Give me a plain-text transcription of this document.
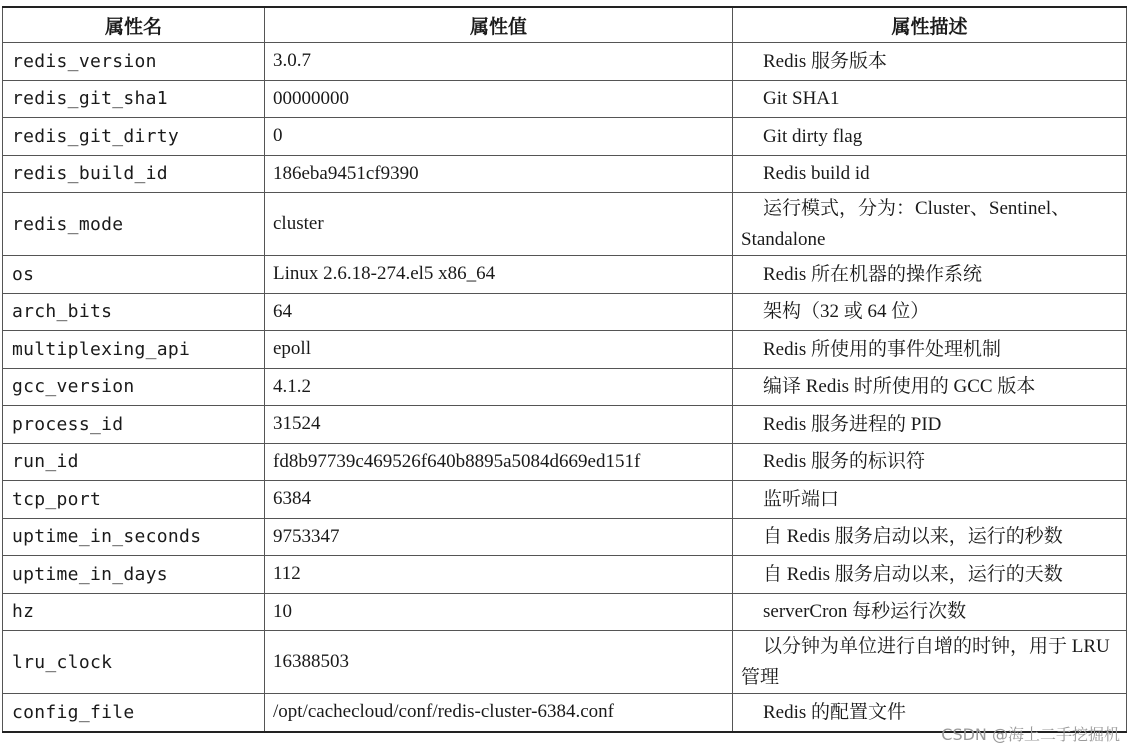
属性名	属性值	属性描述
redis_version	3.0.7	Redis 服务版本
redis_git_sha1	00000000	Git SHA1
redis_git_dirty	0	Git dirty flag
redis_build_id	186eba9451cf9390	Redis build id
redis_mode	cluster	运行模式，分为：Cluster、Sentinel、Standalone
os	Linux 2.6.18-274.el5 x86_64	Redis 所在机器的操作系统
arch_bits	64	架构（32 或 64 位）
multiplexing_api	epoll	Redis 所使用的事件处理机制
gcc_version	4.1.2	编译 Redis 时所使用的 GCC 版本
process_id	31524	Redis 服务进程的 PID
run_id	fd8b97739c469526f640b8895a5084d669ed151f	Redis 服务的标识符
tcp_port	6384	监听端口
uptime_in_seconds	9753347	自 Redis 服务启动以来，运行的秒数
uptime_in_days	112	自 Redis 服务启动以来，运行的天数
hz	10	serverCron 每秒运行次数
lru_clock	16388503	以分钟为单位进行自增的时钟，用于 LRU 管理
config_file	/opt/cachecloud/conf/redis-cluster-6384.conf	Redis 的配置文件
CSDN @海上二手挖掘机
